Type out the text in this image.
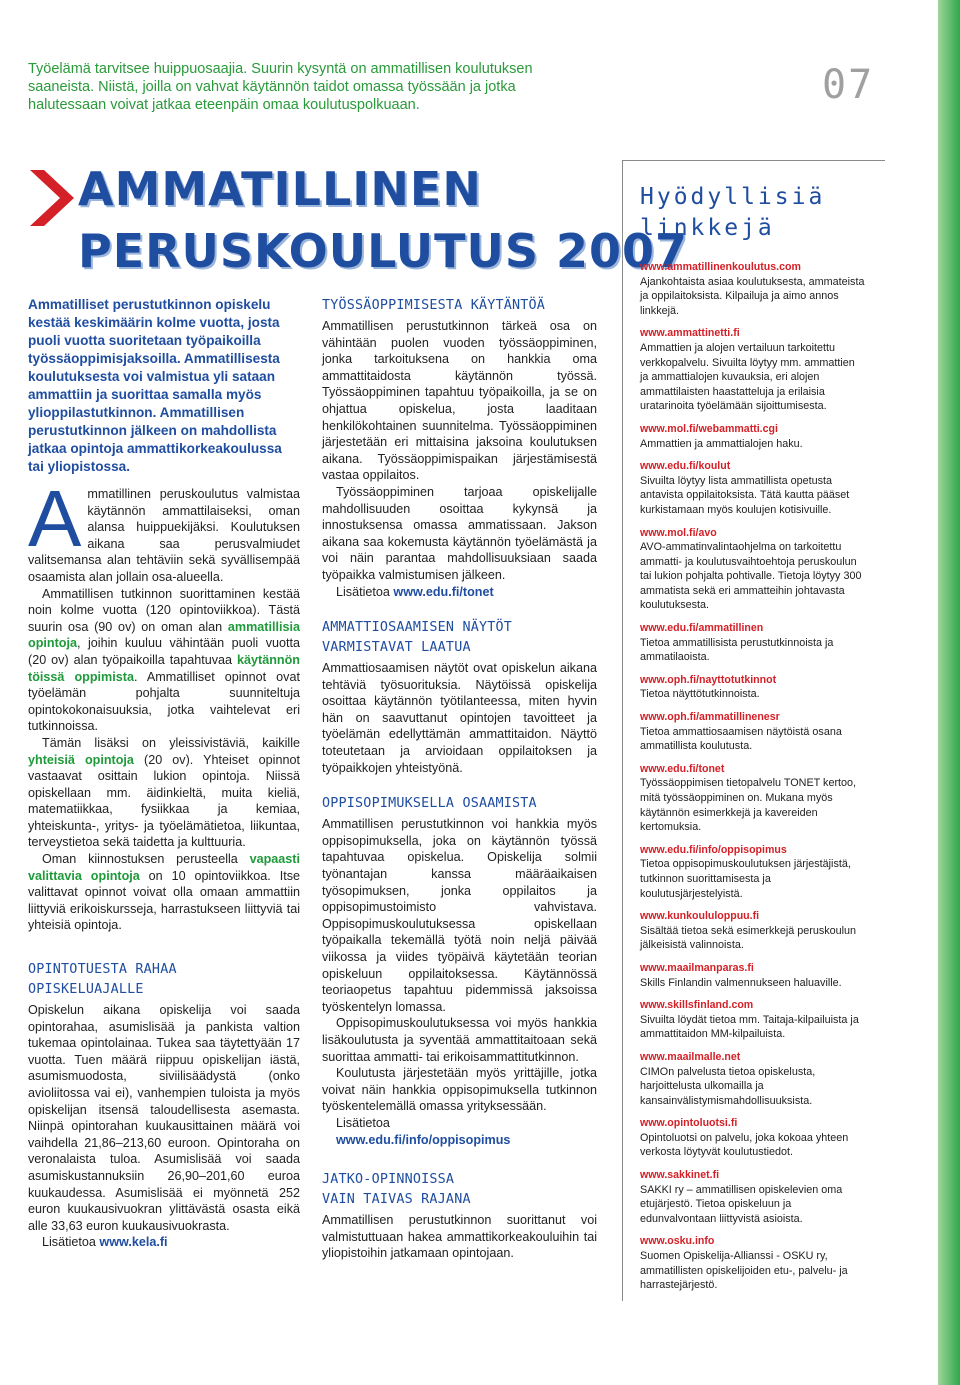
Työelämä tarvitsee huippuosaajia. Suurin kysyntä on ammatillisen koulutuksen saaneista. Niistä, joilla on vahvat käytännön taidot omassa työssään ja jotka halutessaan voivat jatkaa eteenpäin omaa koulutuspolkuaan.	07
AMMATILLINEN
PERUSKOULUTUS 2007
Ammatilliset perustutkinnon opiskelu kestää keskimäärin kolme vuotta, josta puoli vuotta suoritetaan työpaikoilla työssäoppimisjaksoilla. Ammatillisesta koulutuksesta voi valmistua yli sataan ammattiin ja suorittaa samalla myös ylioppilastutkinnon. Ammatillisen perustutkinnon jälkeen on mahdollista jatkaa opintoja ammattikorkeakoulussa tai yliopistossa.
A mmatillinen peruskoulutus valmistaa käytännön ammattilaiseksi, oman alansa huippuekijäksi. Koulutuksen aikana saa perusvalmiudet valitsemansa alan tehtäviin sekä syvällisempää osaamista alan jollain osa-alueella.

Ammatillisen tutkinnon suorittaminen kestää noin kolme vuotta (120 opintoviikkoa). Tästä suurin osa (90 ov) on oman alan ammatillisia opintoja, joihin kuuluu vähintään puoli vuotta (20 ov) alan työpaikoilla tapahtuvaa käytännön töissä oppimista. Ammatilliset opinnot ovat työelämän pohjalta suunniteltuja opintokokonaisuuksia, jotka vaihtelevat eri tutkinnoissa.

Tämän lisäksi on yleissivistäviä, kaikille yhteisiä opintoja (20 ov). Yhteiset opinnot vastaavat osittain lukion opintoja. Niissä opiskellaan mm. äidinkieltä, muita kieliä, matematiikkaa, fysiikkaa ja kemiaa, yhteiskunta-, yritys- ja työelämätietoa, liikuntaa, terveystietoa sekä taidetta ja kulttuuria.

Oman kiinnostuksen perusteella vapaasti valittavia opintoja on 10 opintoviikkoa. Itse valittavat opinnot voivat olla omaan ammattiin liittyviä erikoiskursseja, harrastukseen liittyviä tai yhteisiä opintoja.

OPINTOTUESTA RAHAA
OPISKELUAJALLE

Opiskelun aikana opiskelija voi saada opintorahaa, asumislisää ja pankista valtion tukemaa opintolainaa. Tukea saa täytettyään 17 vuotta. Tuen määrä riippuu opiskelijan iästä, asumismuodosta, siviilisäädystä (onko avioliitossa vai ei), vanhempien tuloista ja myös opiskelijan itsensä taloudellisesta asemasta. Niinpä opintorahan kuukausittainen määrä voi vaihdella 21,86–213,60 euroon. Opintoraha on veronalaista tuloa. Asumislisää voi saada asumiskustannuksiin 26,90–201,60 euroa kuukaudessa. Asumislisää ei myönnetä 252 euron kuukausivuokran ylittävästä osasta eikä alle 33,63 euron kuukausivuokrasta.

Lisätietoa www.kela.fi

TYÖSSÄOPPIMISESTA KÄYTÄNTÖÄ

Ammatillisen perustutkinnon tärkeä osa on vähintään puolen vuoden työssäoppiminen, jonka tarkoituksena on hankkia oma ammattitaidosta käytännön työssä. Työssäoppiminen tapahtuu työpaikoilla, ja se on ohjattua opiskelua, josta laaditaan henkilökohtainen suunnitelma. Työssäoppiminen järjestetään eri mittaisina jaksoina koulutuksen aikana. Työssäoppimispaikan järjestämisestä vastaa oppilaitos.

Työssäoppiminen tarjoaa opiskelijalle mahdollisuuden osoittaa kykynsä ja innostuksensa omassa ammatissaan. Jakson aikana saa kokemusta käytännön työelämästä ja voi näin parantaa mahdollisuuksiaan saada työpaikka valmistumisen jälkeen.

Lisätietoa www.edu.fi/tonet

AMMATTIOSAAMISEN NÄYTÖT
VARMISTAVAT LAATUA

Ammattiosaamisen näytöt ovat opiskelun aikana tehtäviä työsuorituksia. Näytöissä opiskelija osoittaa käytännön työtilanteessa, miten hyvin hän on saavuttanut opintojen tavoitteet ja työelämän edellyttämän ammattitaidon. Näyttö toteutetaan ja arvioidaan oppilaitoksen ja työpaikkojen yhteistyönä.

OPPISOPIMUKSELLA OSAAMISTA

Ammatillisen perustutkinnon voi hankkia myös oppisopimuksella, joka on käytännön työssä tapahtuvaa opiskelua. Opiskelija solmii työnantajan kanssa määräaikaisen työsopimuksen, jonka oppilaitos ja oppisopimustoimisto vahvistava. Oppisopimuskoulutuksessa opiskellaan työpaikalla tekemällä työtä noin neljä päivää viikossa ja viides työpäivä käytetään teorian opiskeluun oppilaitoksessa. Käytännössä teoriaopetus tapahtuu pidemmissä jaksoissa työskentelyn lomassa.

Oppisopimuskoulutuksessa voi myös hankkia lisäkoulutusta ja syventää ammattitaitoaan sekä suorittaa ammatti- tai erikoisammattitutkinnon.

Koulutusta järjestetään myös yrittäjille, jotka voivat näin hankkia oppisopimuksella tutkinnon työskentelemällä omassa yrityksessään.

Lisätietoa

www.edu.fi/info/oppisopimus

JATKO-OPINNOISSA
VAIN TAIVAS RAJANA

Ammatillisen perustutkinnon suorittanut voi valmistuttuaan hakea ammattikorkeakouluihin tai yliopistoihin jatkamaan opintojaan.

Hyödyllisiä linkkejä
www.ammatillinenkoulutus.com
Ajankohtaista asiaa koulutuksesta, ammateista ja oppilaitoksista. Kilpailuja ja aimo annos linkkejä.
www.ammattinetti.fi
Ammattien ja alojen vertailuun tarkoitettu verkkopalvelu. Sivuilta löytyy mm. ammattien ja ammattialojen kuvauksia, eri alojen ammattilaisten haastatteluja ja erilaisia uratarinoita työelämään sijoittumisesta.
www.mol.fi/webammatti.cgi
Ammattien ja ammattialojen haku.
www.edu.fi/koulut
Sivuilta löytyy lista ammatillista opetusta antavista oppilaitoksista. Tätä kautta pääset kurkistamaan myös koulujen kotisivuille.
www.mol.fi/avo
AVO-ammatinvalintaohjelma on tarkoitettu ammatti- ja koulutusvaihtoehtoja peruskoulun tai lukion pohjalta pohtivalle. Tietoja löytyy 300 ammatista sekä eri ammatteihin johtavasta koulutuksesta.
www.edu.fi/ammatillinen
Tietoa ammatillisista perustutkinnoista ja ammatilaoista.
www.oph.fi/nayttotutkinnot
Tietoa näyttötutkinnoista.
www.oph.fi/ammatillinenesr
Tietoa ammattiosaamisen näytöistä osana ammatillista koulutusta.
www.edu.fi/tonet
Työssäoppimisen tietopalvelu TONET kertoo, mitä työssäoppiminen on. Mukana myös käytännön esimerkkejä ja kavereiden kertomuksia.
www.edu.fi/info/oppisopimus
Tietoa oppisopimuskoulutuksen järjestäjistä, tutkinnon suorittamisesta ja koulutusjärjestelyistä.
www.kunkoululoppuu.fi
Sisältää tietoa sekä esimerkkejä peruskoulun jälkeisistä valinnoista.
www.maailmanparas.fi
Skills Finlandin valmennukseen haluaville.
www.skillsfinland.com
Sivuilta löydät tietoa mm. Taitaja-kilpailuista ja ammattitaidon MM-kilpailuista.
www.maailmalle.net
CIMOn palvelusta tietoa opiskelusta, harjoittelusta ulkomailla ja kansainvälistymismahdollisuuksista.
www.opintoluotsi.fi
Opintoluotsi on palvelu, joka kokoaa yhteen verkosta löytyvät koulutustiedot.
www.sakkinet.fi
SAKKI ry – ammatillisen opiskelevien oma etujärjestö. Tietoa opiskeluun ja edunvalvontaan liittyvistä asioista.
www.osku.info
Suomen Opiskelija-Allianssi - OSKU ry, ammatillisten opiskelijoiden etu-, palvelu- ja harrastejärjestö.
